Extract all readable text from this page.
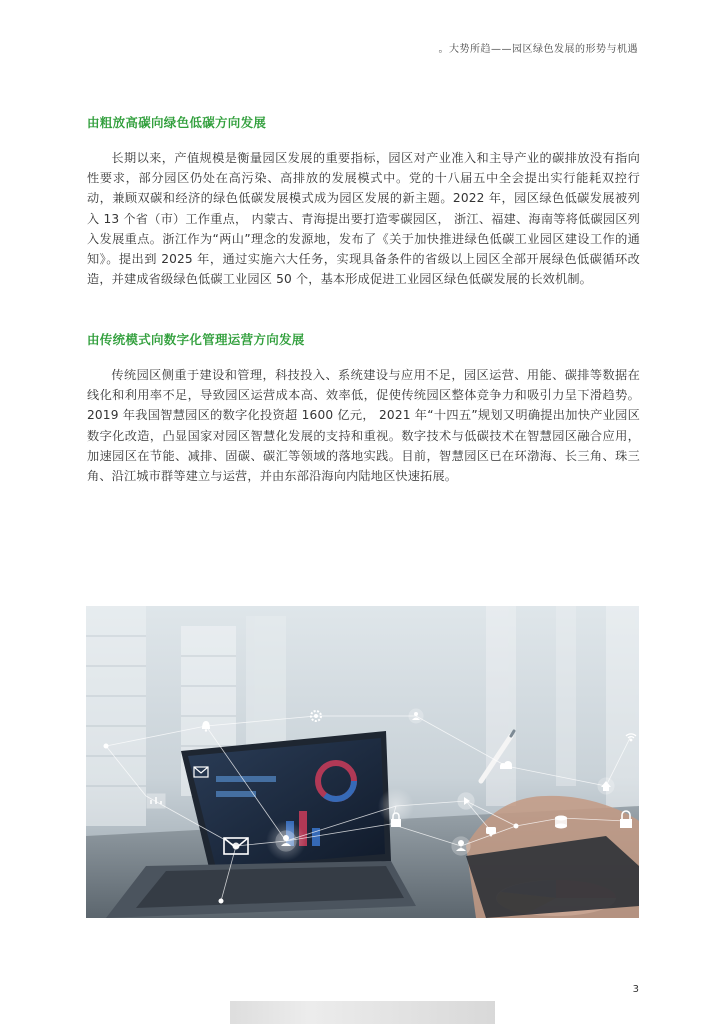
。大势所趋——园区绿色发展的形势与机遇
由粗放高碳向绿色低碳方向发展

长期以来，产值规模是衡量园区发展的重要指标，园区对产业准入和主导产业的碳排放没有指向性要求，部分园区仍处在高污染、高排放的发展模式中。党的十八届五中全会提出实行能耗双控行动，兼顾双碳和经济的绿色低碳发展模式成为园区发展的新主题。2022 年，园区绿色低碳发展被列入 13 个省（市）工作重点， 内蒙古、青海提出要打造零碳园区， 浙江、福建、海南等将低碳园区列入发展重点。浙江作为“两山”理念的发源地，发布了《关于加快推进绿色低碳工业园区建设工作的通知》。提出到 2025 年，通过实施六大任务，实现具备条件的省级以上园区全部开展绿色低碳循环改造，并建成省级绿色低碳工业园区 50 个，基本形成促进工业园区绿色低碳发展的长效机制。

由传统模式向数字化管理运营方向发展

传统园区侧重于建设和管理，科技投入、系统建设与应用不足，园区运营、用能、碳排等数据在线化和利用率不足，导致园区运营成本高、效率低，促使传统园区整体竞争力和吸引力呈下滑趋势。2019 年我国智慧园区的数字化投资超 1600 亿元， 2021 年“十四五”规划又明确提出加快产业园区数字化改造，凸显国家对园区智慧化发展的支持和重视。数字技术与低碳技术在智慧园区融合应用，加速园区在节能、减排、固碳、碳汇等领域的落地实践。目前，智慧园区已在环渤海、长三角、珠三角、沿江城市群等建立与运营，并由东部沿海向内陆地区快速拓展。

3
